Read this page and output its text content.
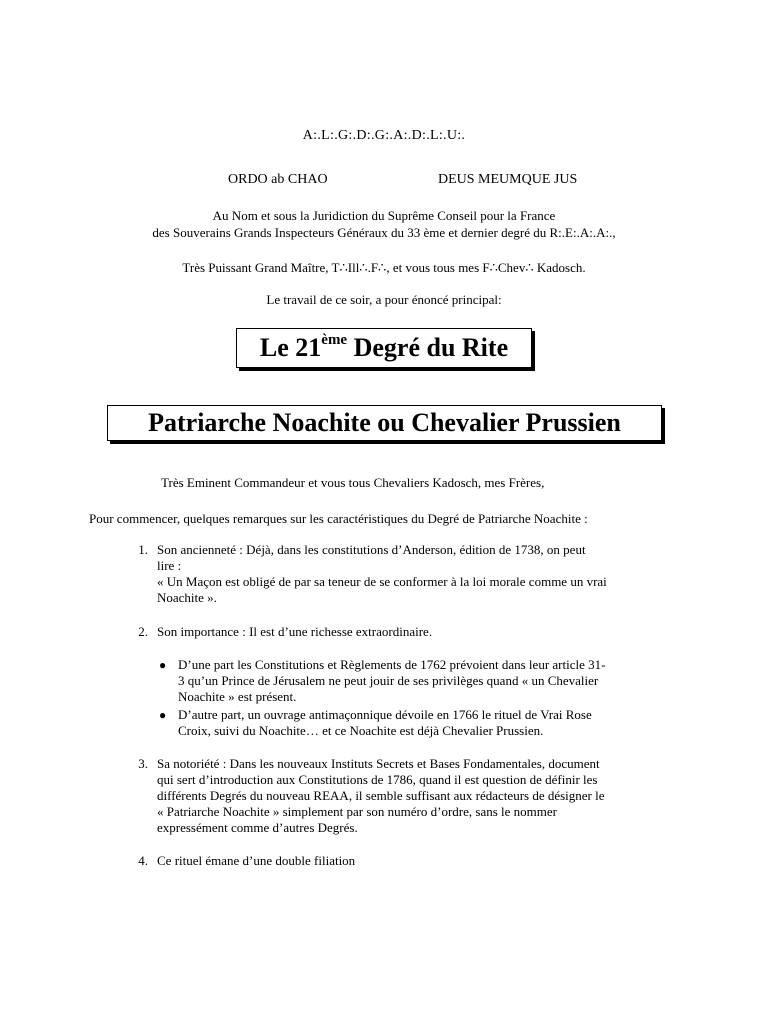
A:.L:.G:.D:.G:.A:.D:.L:.U:.
ORDO ab CHAO	DEUS MEUMQUE JUS
Au Nom et sous la Juridiction du Suprême Conseil pour la France
des Souverains Grands Inspecteurs Généraux du 33 ème et dernier degré du R:.E:.A:.A:.,
Très Puissant Grand Maître, T∴Ill∴.F∴, et vous tous mes F∴Chev∴ Kadosch.
Le travail de ce soir, a pour énoncé principal:
Le 21ème Degré du Rite
Patriarche Noachite ou Chevalier Prussien
Très Eminent Commandeur et vous tous Chevaliers Kadosch, mes Frères,
Pour commencer, quelques remarques sur les caractéristiques du Degré de Patriarche Noachite :
1. Son ancienneté : Déjà, dans les constitutions d’Anderson, édition de 1738, on peut
lire :
« Un Maçon est obligé de par sa teneur de se conformer à la loi morale comme un vrai
Noachite ».
2. Son importance : Il est d’une richesse extraordinaire.
● D’une part les Constitutions et Règlements de 1762 prévoient dans leur article 31-
3 qu’un Prince de Jérusalem ne peut jouir de ses privilèges quand « un Chevalier
Noachite » est présent.
● D’autre part, un ouvrage antimaçonnique dévoile en 1766 le rituel de Vrai Rose
Croix, suivi du Noachite… et ce Noachite est déjà Chevalier Prussien.
3. Sa notoriété : Dans les nouveaux Instituts Secrets et Bases Fondamentales, document
qui sert d’introduction aux Constitutions de 1786, quand il est question de définir les
différents Degrés du nouveau REAA, il semble suffisant aux rédacteurs de désigner le
« Patriarche Noachite » simplement par son numéro d’ordre, sans le nommer
expressément comme d’autres Degrés.
4. Ce rituel émane d’une double filiation
